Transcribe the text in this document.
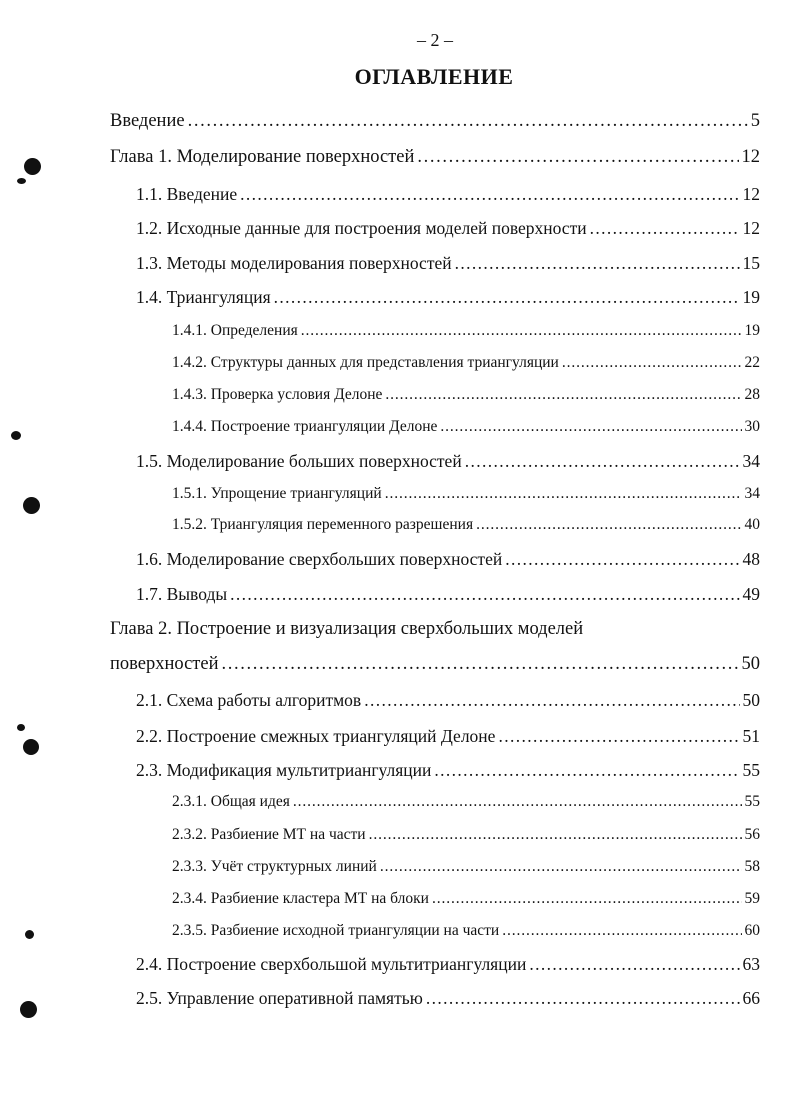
– 2 –
ОГЛАВЛЕНИЕ
Введение . . .	5
Глава 1. Моделирование поверхностей . . .	12
1.1. Введение . . .	12
1.2. Исходные данные для построения моделей поверхности . . .	12
1.3. Методы моделирования поверхностей . . .	15
1.4. Триангуляция . . .	19
1.4.1. Определения . . .	19
1.4.2. Структуры данных для представления триангуляции . . .	22
1.4.3. Проверка условия Делоне . . .	28
1.4.4. Построение триангуляции Делоне . . .	30
1.5. Моделирование больших поверхностей . . .	34
1.5.1. Упрощение триангуляций . . .	34
1.5.2. Триангуляция переменного разрешения . . .	40
1.6. Моделирование сверхбольших поверхностей . . .	48
1.7. Выводы . . .	49
Глава 2. Построение и визуализация сверхбольших моделей
поверхностей . . .	50
2.1. Схема работы алгоритмов . . .	50
2.2. Построение смежных триангуляций Делоне . . .	51
2.3. Модификация мультитриангуляции . . .	55
2.3.1. Общая идея . . .	55
2.3.2. Разбиение МТ на части . . .	56
2.3.3. Учёт структурных линий . . .	58
2.3.4. Разбиение кластера МТ на блоки . . .	59
2.3.5. Разбиение исходной триангуляции на части . . .	60
2.4. Построение сверхбольшой мультитриангуляции . . .	63
2.5. Управление оперативной памятью . . .	66
